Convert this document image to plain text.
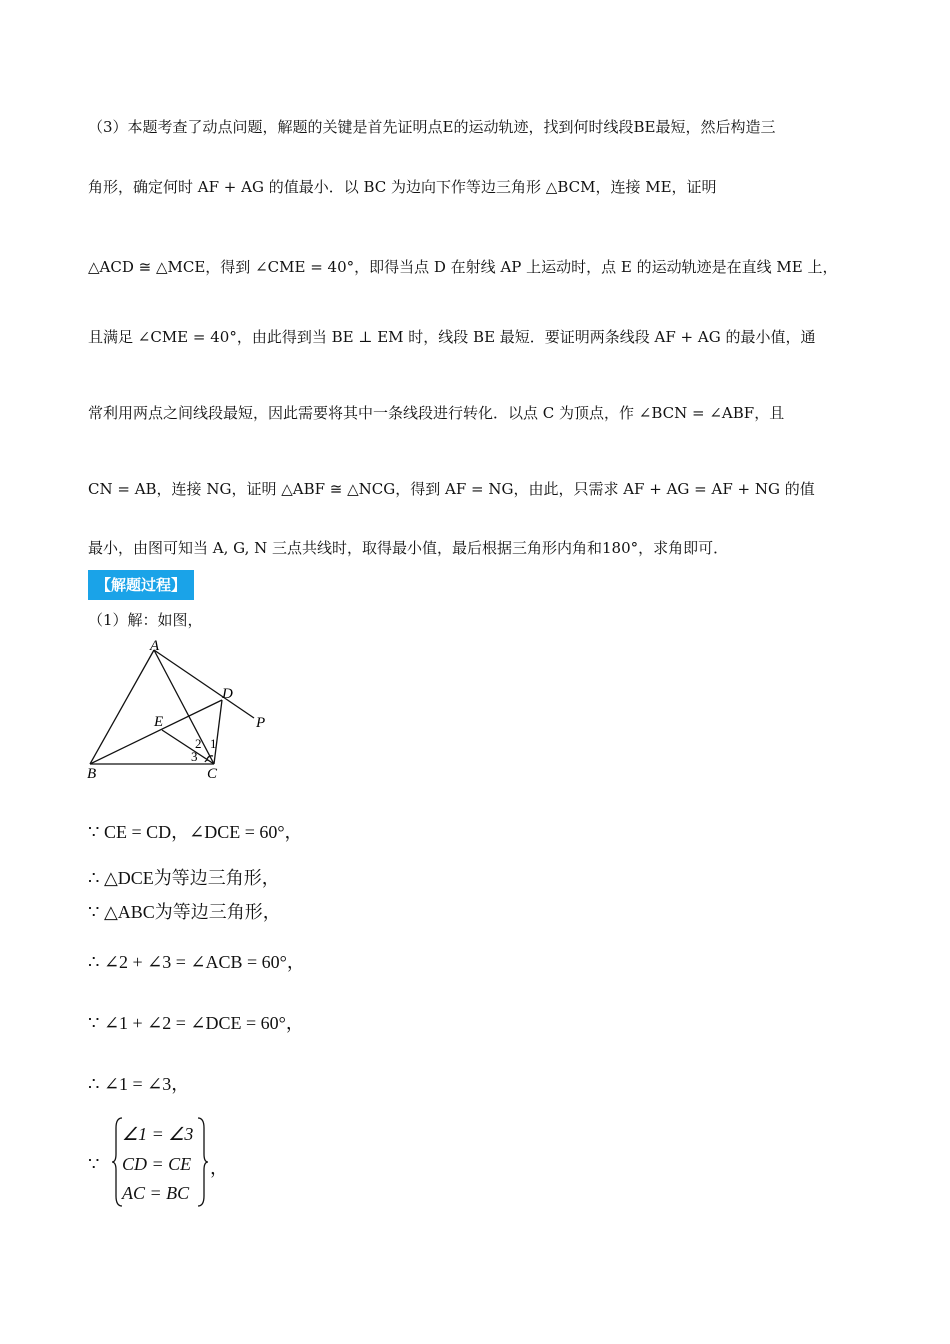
（3）本题考查了动点问题，解题的关键是首先证明点E的运动轨迹，找到何时线段BE最短，然后构造三
角形，确定何时 AF + AG 的值最小．以 BC 为边向下作等边三角形 △BCM，连接 ME，证明
△ACD ≅ △MCE，得到 ∠CME = 40°，即得当点 D 在射线 AP 上运动时，点 E 的运动轨迹是在直线 ME 上，
且满足 ∠CME = 40°，由此得到当 BE ⊥ EM 时，线段 BE 最短．要证明两条线段 AF + AG 的最小值，通
常利用两点之间线段最短，因此需要将其中一条线段进行转化．以点 C 为顶点，作 ∠BCN = ∠ABF，且
CN = AB，连接 NG，证明 △ABF ≅ △NCG，得到 AF = NG，由此，只需求 AF + AG = AF + NG 的值
最小，由图可知当 A, G, N 三点共线时，取得最小值，最后根据三角形内角和180°，求角即可．
【解题过程】
（1）解：如图，
A
D
E	P
B	C
1
2
3
∵ CE = CD，∠DCE = 60°，
∴ △DCE为等边三角形，
∵ △ABC为等边三角形，
∴ ∠2 + ∠3 = ∠ACB = 60°，
∵ ∠1 + ∠2 = ∠DCE = 60°，
∴ ∠1 = ∠3，
∵
∠1 = ∠3
CD = CE
AC = BC
，
